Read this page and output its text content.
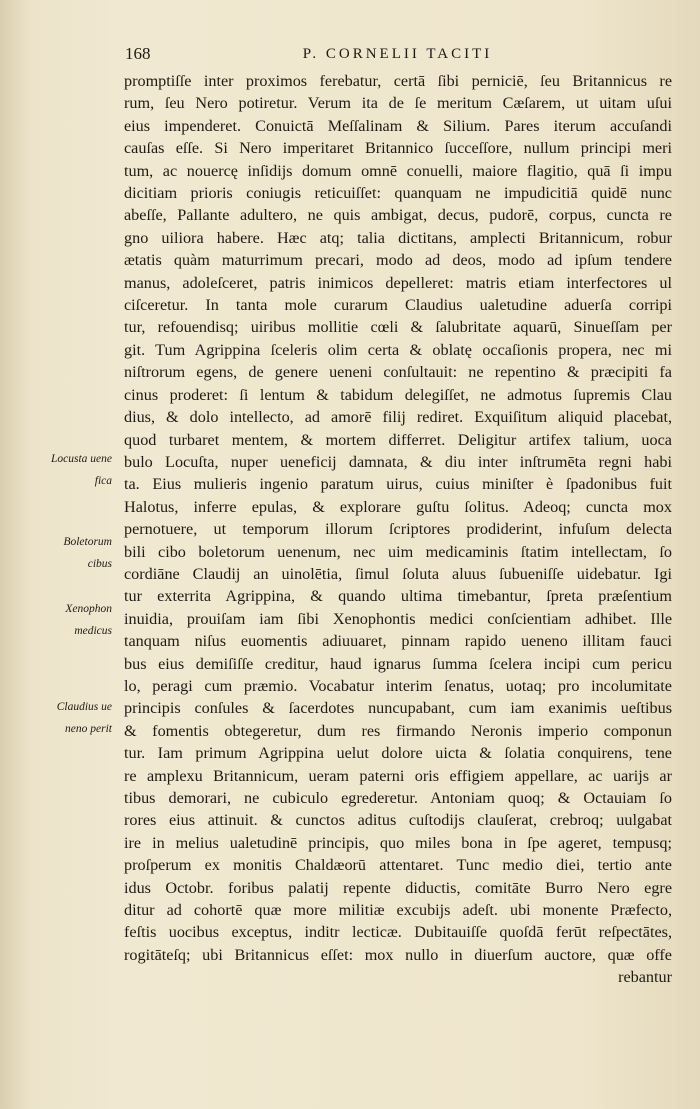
168	P. CORNELII TACITI
Locusta uene
fica
Boletorum
cibus
Xenophon
medicus
Claudius ue
neno perit
promptiſſe inter proximos ferebatur, certā ſibi perniciē, ſeu Britannicus re
rum, ſeu Nero potiretur. Verum ita de ſe meritum Cæſarem, ut uitam uſui
eius impenderet. Conuictā Meſſalinam & Silium. Pares iterum accuſandi
cauſas eſſe. Si Nero imperitaret Britannico ſucceſſore, nullum principi meri
tum, ac nouercę inſidijs domum omnē conuelli, maiore flagitio, quā ſi impu
dicitiam prioris coniugis reticuiſſet: quanquam ne impudicitiā quidē nunc
abeſſe, Pallante adultero, ne quis ambigat, decus, pudorē, corpus, cuncta re
gno uiliora habere. Hæc atq; talia dictitans, amplecti Britannicum, robur
ætatis quàm maturrimum precari, modo ad deos, modo ad ipſum tendere
manus, adoleſceret, patris inimicos depelleret: matris etiam interfectores ul
ciſceretur. In tanta mole curarum Claudius ualetudine aduerſa corripi
tur, refouendisq; uiribus mollitie cœli & ſalubritate aquarū, Sinueſſam per
git. Tum Agrippina ſceleris olim certa & oblatę occaſionis propera, nec mi
niſtrorum egens, de genere ueneni conſultauit: ne repentino & præcipiti fa
cinus proderet: ſi lentum & tabidum delegiſſet, ne admotus ſupremis Clau
dius, & dolo intellecto, ad amorē filij rediret. Exquiſitum aliquid placebat,
quod turbaret mentem, & mortem differret. Deligitur artifex talium, uoca
bulo Locuſta, nuper ueneficij damnata, & diu inter inſtrumēta regni habi
ta. Eius mulieris ingenio paratum uirus, cuius miniſter è ſpadonibus fuit
Halotus, inferre epulas, & explorare guſtu ſolitus. Adeoq; cuncta mox
pernotuere, ut temporum illorum ſcriptores prodiderint, infuſum delecta
bili cibo boletorum uenenum, nec uim medicaminis ſtatim intellectam, ſo
cordiāne Claudij an uinolētia, ſimul ſoluta aluus ſubueniſſe uidebatur. Igi
tur exterrita Agrippina, & quando ultima timebantur, ſpreta præſentium
inuidia, prouiſam iam ſibi Xenophontis medici conſcientiam adhibet. Ille
tanquam niſus euomentis adiuuaret, pinnam rapido ueneno illitam fauci
bus eius demiſiſſe creditur, haud ignarus ſumma ſcelera incipi cum pericu
lo, peragi cum præmio. Vocabatur interim ſenatus, uotaq; pro incolumitate
principis conſules & ſacerdotes nuncupabant, cum iam exanimis ueſtibus
& fomentis obtegeretur, dum res firmando Neronis imperio componun
tur. Iam primum Agrippina uelut dolore uicta & ſolatia conquirens, tene
re amplexu Britannicum, ueram paterni oris effigiem appellare, ac uarijs ar
tibus demorari, ne cubiculo egrederetur. Antoniam quoq; & Octauiam ſo
rores eius attinuit. & cunctos aditus cuſtodijs clauſerat, crebroq; uulgabat
ire in melius ualetudinē principis, quo miles bona in ſpe ageret, tempusq;
proſperum ex monitis Chaldæorū attentaret. Tunc medio diei, tertio ante
idus Octobr. foribus palatij repente diductis, comitāte Burro Nero egre
ditur ad cohortē quæ more militiæ excubijs adeſt. ubi monente Præfecto,
feſtis uocibus exceptus, inditr lecticæ. Dubitauiſſe quoſdā ferūt reſpectātes,
rogitāteſq; ubi Britannicus eſſet: mox nullo in diuerſum auctore, quæ offe
rebantur
